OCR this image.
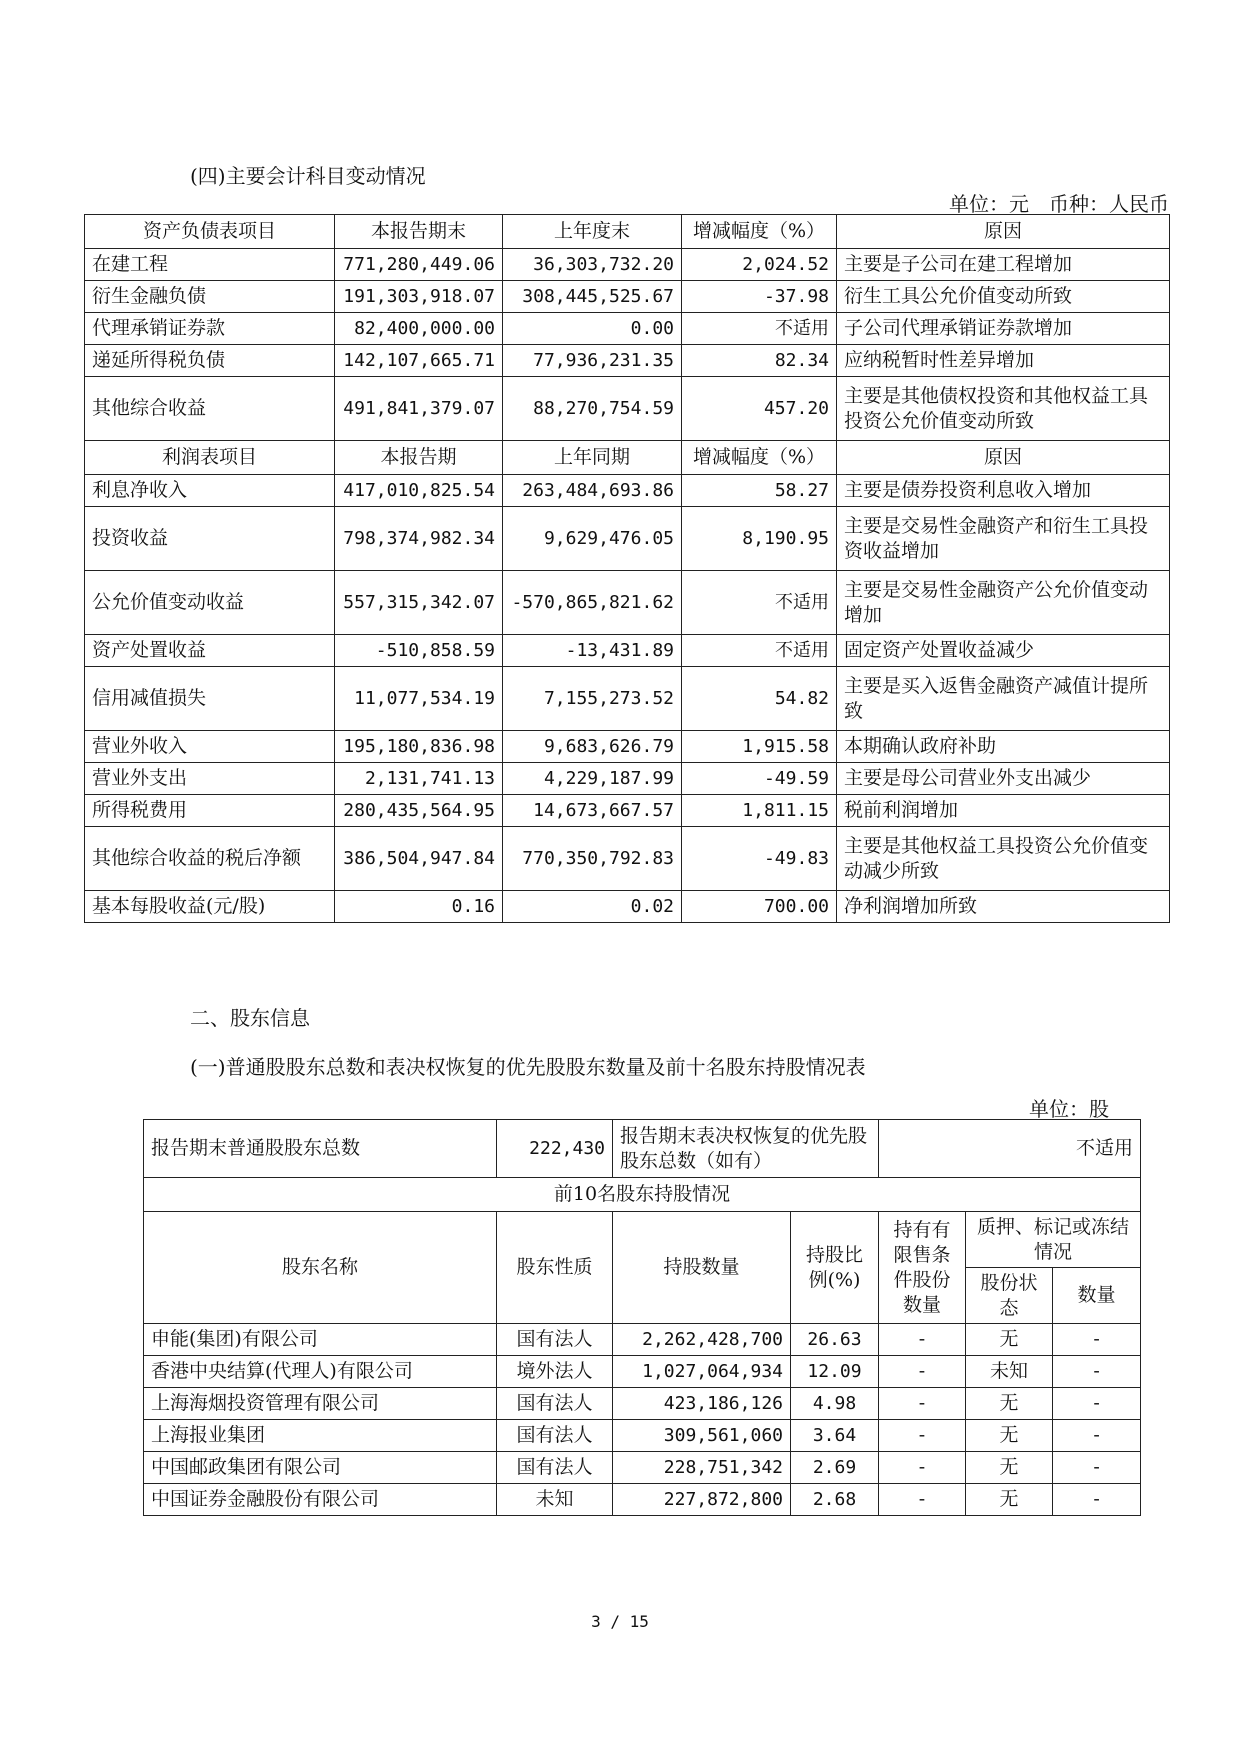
(四)主要会计科目变动情况
单位：元　币种：人民币
资产负债表项目	本报告期末	上年度末	增减幅度（%）	原因
在建工程	771,280,449.06	36,303,732.20	2,024.52	主要是子公司在建工程增加
衍生金融负债	191,303,918.07	308,445,525.67	-37.98	衍生工具公允价值变动所致
代理承销证券款	82,400,000.00	0.00	不适用	子公司代理承销证券款增加
递延所得税负债	142,107,665.71	77,936,231.35	82.34	应纳税暂时性差异增加
其他综合收益	491,841,379.07	88,270,754.59	457.20	主要是其他债权投资和其他权益工具投资公允价值变动所致
利润表项目	本报告期	上年同期	增减幅度（%）	原因
利息净收入	417,010,825.54	263,484,693.86	58.27	主要是债券投资利息收入增加
投资收益	798,374,982.34	9,629,476.05	8,190.95	主要是交易性金融资产和衍生工具投资收益增加
公允价值变动收益	557,315,342.07	-570,865,821.62	不适用	主要是交易性金融资产公允价值变动增加
资产处置收益	-510,858.59	-13,431.89	不适用	固定资产处置收益减少
信用减值损失	11,077,534.19	7,155,273.52	54.82	主要是买入返售金融资产减值计提所致
营业外收入	195,180,836.98	9,683,626.79	1,915.58	本期确认政府补助
营业外支出	2,131,741.13	4,229,187.99	-49.59	主要是母公司营业外支出减少
所得税费用	280,435,564.95	14,673,667.57	1,811.15	税前利润增加
其他综合收益的税后净额	386,504,947.84	770,350,792.83	-49.83	主要是其他权益工具投资公允价值变动减少所致
基本每股收益(元/股)	0.16	0.02	700.00	净利润增加所致
二、股东信息
(一)普通股股东总数和表决权恢复的优先股股东数量及前十名股东持股情况表
单位：股
报告期末普通股股东总数	222,430	报告期末表决权恢复的优先股股东总数（如有）		不适用		
前10名股东持股情况						
股东名称	股东性质	持股数量	持股比例(%)	持有有限售条件股份数量	质押、标记或冻结情况	
					股份状态	数量
申能(集团)有限公司	国有法人	2,262,428,700	26.63	-	无	-
香港中央结算(代理人)有限公司	境外法人	1,027,064,934	12.09	-	未知	-
上海海烟投资管理有限公司	国有法人	423,186,126	4.98	-	无	-
上海报业集团	国有法人	309,561,060	3.64	-	无	-
中国邮政集团有限公司	国有法人	228,751,342	2.69	-	无	-
中国证券金融股份有限公司	未知	227,872,800	2.68	-	无	-
3 / 15
